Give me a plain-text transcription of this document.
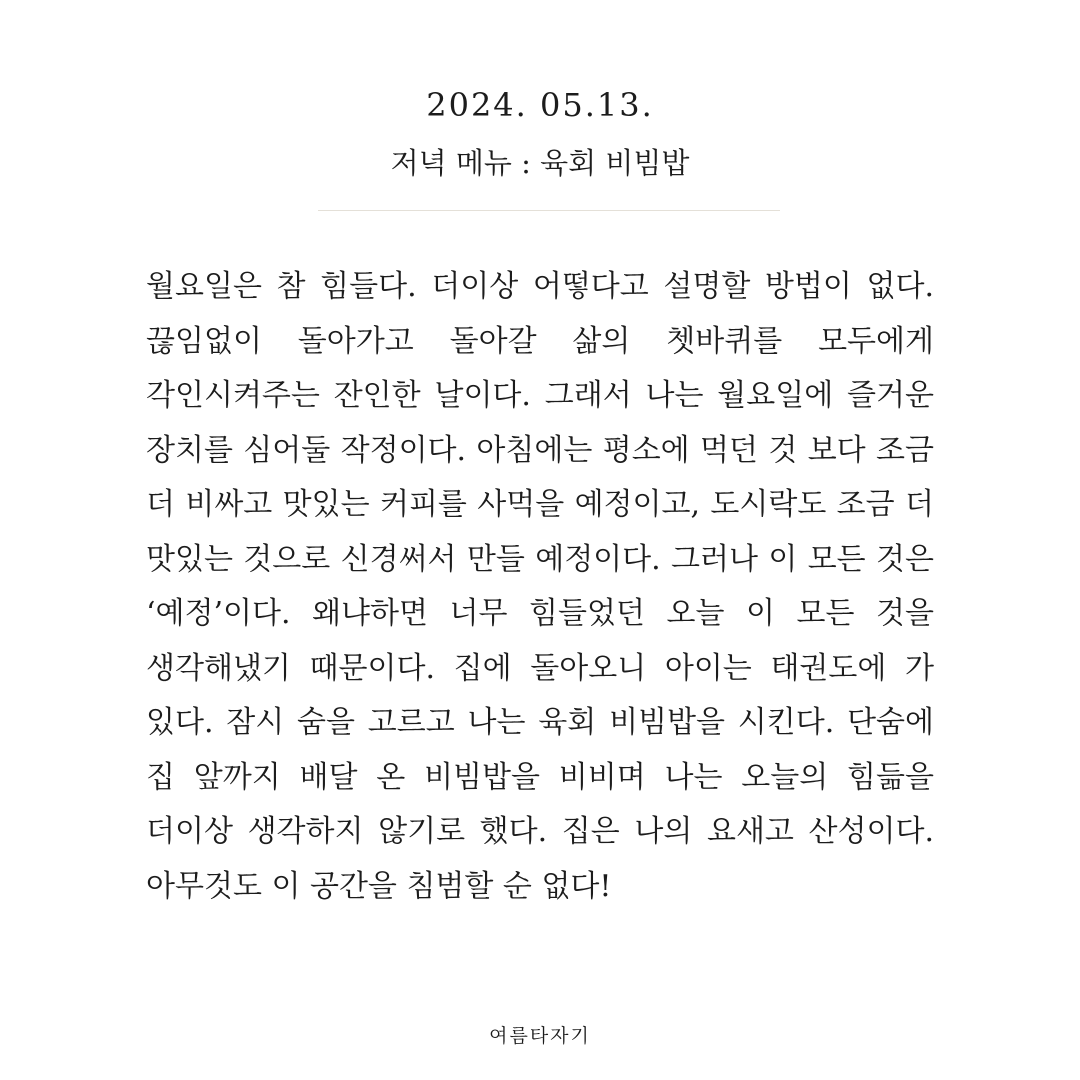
2024. 05.13.
저녁 메뉴 : 육회 비빔밥

월요일은 참 힘들다. 더이상 어떻다고 설명할 방법이 없다. 끊임없이 돌아가고 돌아갈 삶의 쳇바퀴를 모두에게 각인시켜주는 잔인한 날이다. 그래서 나는 월요일에 즐거운 장치를 심어둘 작정이다. 아침에는 평소에 먹던 것 보다 조금 더 비싸고 맛있는 커피를 사먹을 예정이고, 도시락도 조금 더 맛있는 것으로 신경써서 만들 예정이다. 그러나 이 모든 것은 ‘예정’이다. 왜냐하면 너무 힘들었던 오늘 이 모든 것을 생각해냈기 때문이다. 집에 돌아오니 아이는 태권도에 가 있다. 잠시 숨을 고르고 나는 육회 비빔밥을 시킨다. 단숨에 집 앞까지 배달 온 비빔밥을 비비며 나는 오늘의 힘듦을 더이상 생각하지 않기로 했다. 집은 나의 요새고 산성이다. 아무것도 이 공간을 침범할 순 없다!

여름타자기
